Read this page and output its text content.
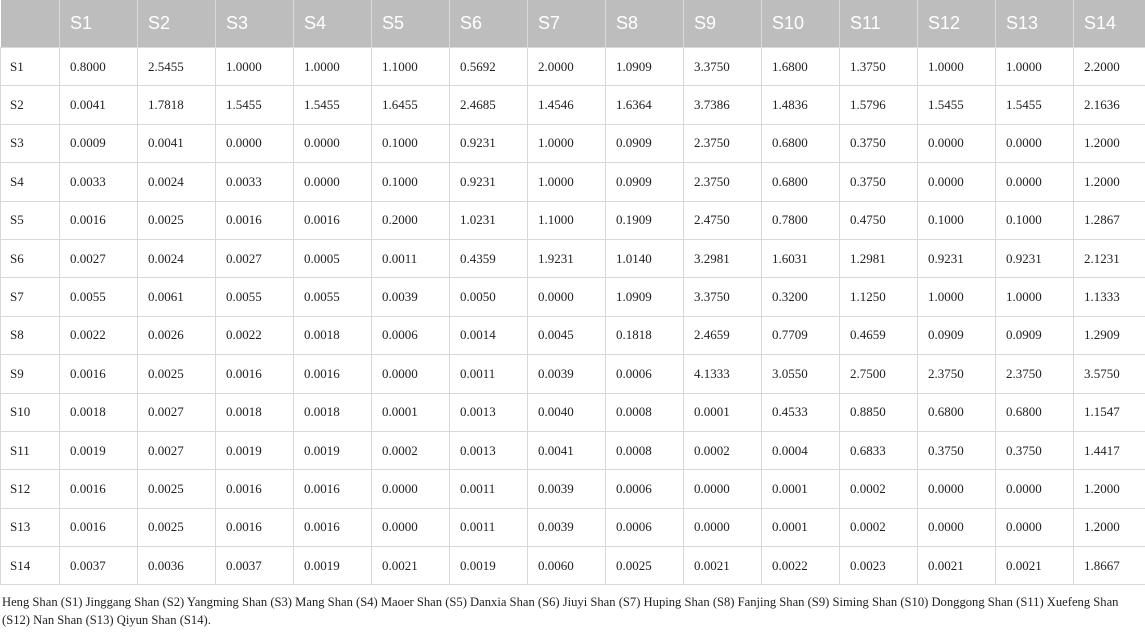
	S1	S2	S3	S4	S5	S6	S7	S8	S9	S10	S11	S12	S13	S14
S1	0.8000	2.5455	1.0000	1.0000	1.1000	0.5692	2.0000	1.0909	3.3750	1.6800	1.3750	1.0000	1.0000	2.2000
S2	0.0041	1.7818	1.5455	1.5455	1.6455	2.4685	1.4546	1.6364	3.7386	1.4836	1.5796	1.5455	1.5455	2.1636
S3	0.0009	0.0041	0.0000	0.0000	0.1000	0.9231	1.0000	0.0909	2.3750	0.6800	0.3750	0.0000	0.0000	1.2000
S4	0.0033	0.0024	0.0033	0.0000	0.1000	0.9231	1.0000	0.0909	2.3750	0.6800	0.3750	0.0000	0.0000	1.2000
S5	0.0016	0.0025	0.0016	0.0016	0.2000	1.0231	1.1000	0.1909	2.4750	0.7800	0.4750	0.1000	0.1000	1.2867
S6	0.0027	0.0024	0.0027	0.0005	0.0011	0.4359	1.9231	1.0140	3.2981	1.6031	1.2981	0.9231	0.9231	2.1231
S7	0.0055	0.0061	0.0055	0.0055	0.0039	0.0050	0.0000	1.0909	3.3750	0.3200	1.1250	1.0000	1.0000	1.1333
S8	0.0022	0.0026	0.0022	0.0018	0.0006	0.0014	0.0045	0.1818	2.4659	0.7709	0.4659	0.0909	0.0909	1.2909
S9	0.0016	0.0025	0.0016	0.0016	0.0000	0.0011	0.0039	0.0006	4.1333	3.0550	2.7500	2.3750	2.3750	3.5750
S10	0.0018	0.0027	0.0018	0.0018	0.0001	0.0013	0.0040	0.0008	0.0001	0.4533	0.8850	0.6800	0.6800	1.1547
S11	0.0019	0.0027	0.0019	0.0019	0.0002	0.0013	0.0041	0.0008	0.0002	0.0004	0.6833	0.3750	0.3750	1.4417
S12	0.0016	0.0025	0.0016	0.0016	0.0000	0.0011	0.0039	0.0006	0.0000	0.0001	0.0002	0.0000	0.0000	1.2000
S13	0.0016	0.0025	0.0016	0.0016	0.0000	0.0011	0.0039	0.0006	0.0000	0.0001	0.0002	0.0000	0.0000	1.2000
S14	0.0037	0.0036	0.0037	0.0019	0.0021	0.0019	0.0060	0.0025	0.0021	0.0022	0.0023	0.0021	0.0021	1.8667
Heng Shan (S1) Jinggang Shan (S2) Yangming Shan (S3) Mang Shan (S4) Maoer Shan (S5) Danxia Shan (S6) Jiuyi Shan (S7) Huping Shan (S8) Fanjing Shan (S9) Siming Shan (S10) Donggong Shan (S11) Xuefeng Shan (S12) Nan Shan (S13) Qiyun Shan (S14).
